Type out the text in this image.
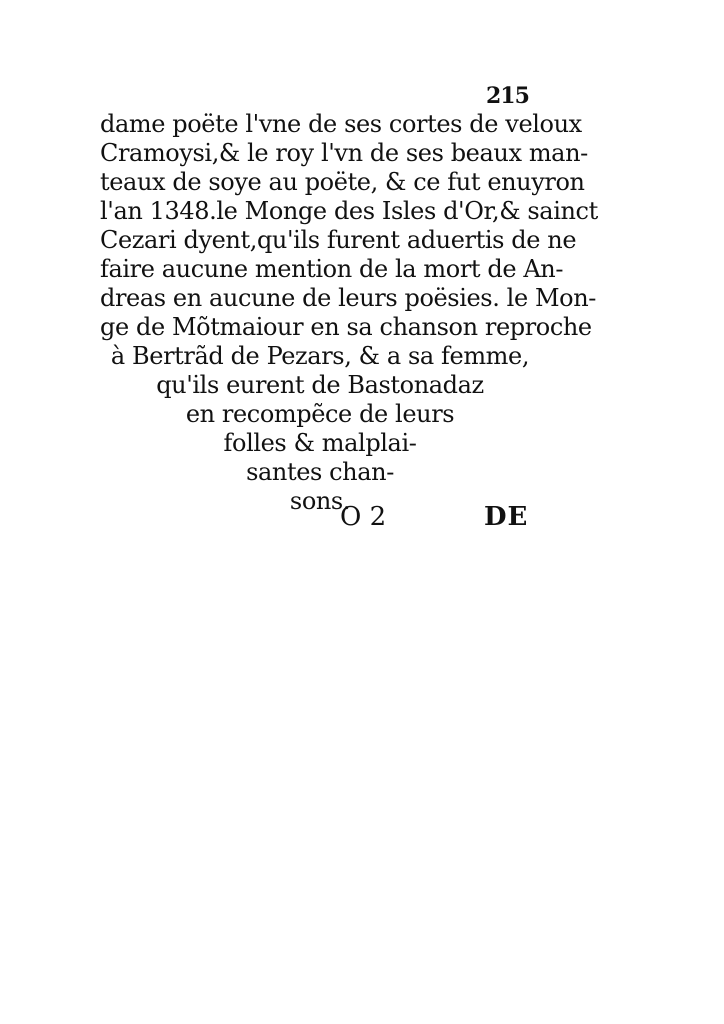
215
dame poëte l'vne de ses cortes de veloux
Cramoysi,& le roy l'vn de ses beaux man-
teaux de soye au poëte, & ce fut enuyron
l'an 1348.le Monge des Isles d'Or,& sainct
Cezari dyent,qu'ils furent aduertis de ne
faire aucune mention de la mort de An-
dreas en aucune de leurs poësies. le Mon-
ge de Mõtmaiour en sa chanson reproche
à Bertrãd de Pezars, & a sa femme,
qu'ils eurent de Bastonadaz
en recompẽce de leurs
folles & malplai-
santes chan-
sons.
O 2	DE
